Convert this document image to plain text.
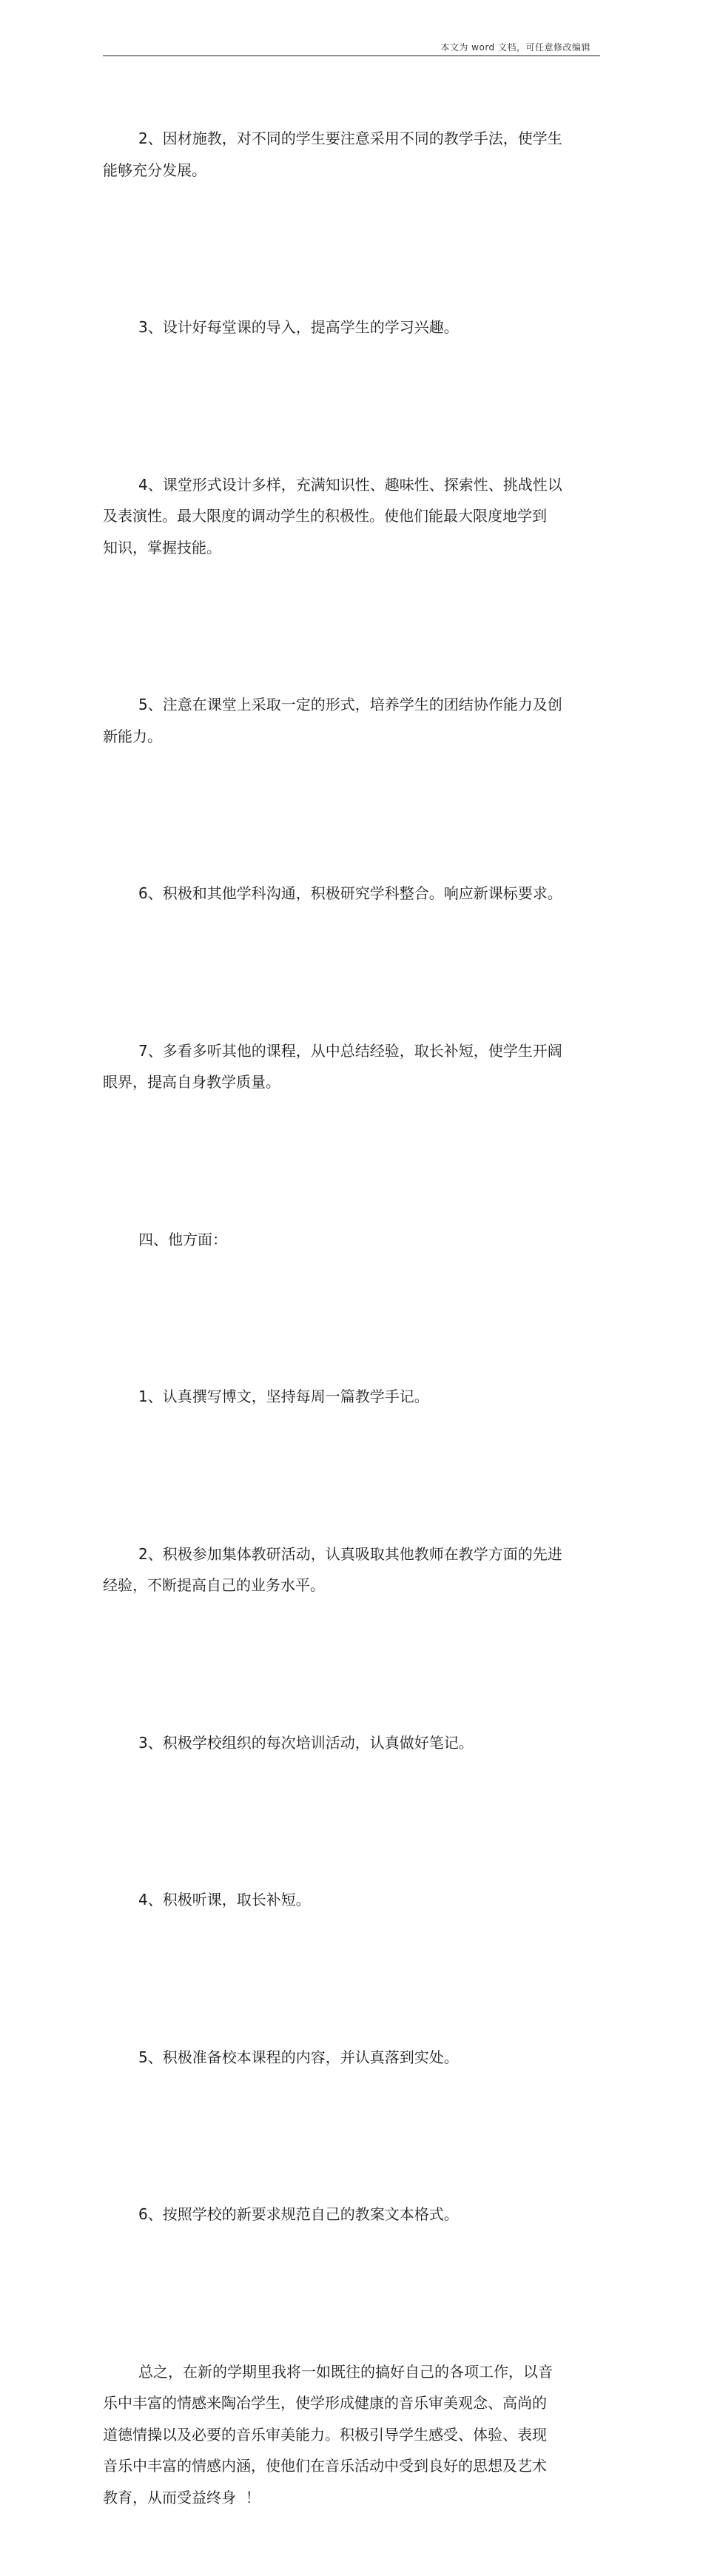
本文为 word 文档，可任意修改编辑

2、因材施教，对不同的学生要注意采用不同的教学手法，使学生
能够充分发展。

3、设计好每堂课的导入，提高学生的学习兴趣。

4、课堂形式设计多样，充满知识性、趣味性、探索性、挑战性以
及表演性。最大限度的调动学生的积极性。使他们能最大限度地学到
知识，掌握技能。

5、注意在课堂上采取一定的形式，培养学生的团结协作能力及创
新能力。

6、积极和其他学科沟通，积极研究学科整合。响应新课标要求。

7、多看多听其他的课程，从中总结经验，取长补短，使学生开阔
眼界，提高自身教学质量。

四、他方面：

1、认真撰写博文，坚持每周一篇教学手记。

2、积极参加集体教研活动，认真吸取其他教师在教学方面的先进
经验，不断提高自己的业务水平。

3、积极学校组织的每次培训活动，认真做好笔记。

4、积极听课，取长补短。

5、积极准备校本课程的内容，并认真落到实处。

6、按照学校的新要求规范自己的教案文本格式。

总之，在新的学期里我将一如既往的搞好自己的各项工作，以音
乐中丰富的情感来陶冶学生，使学形成健康的音乐审美观念、高尚的
道德情操以及必要的音乐审美能力。积极引导学生感受、体验、表现
音乐中丰富的情感内涵，使他们在音乐活动中受到良好的思想及艺术
教育，从而受益终身  ！
